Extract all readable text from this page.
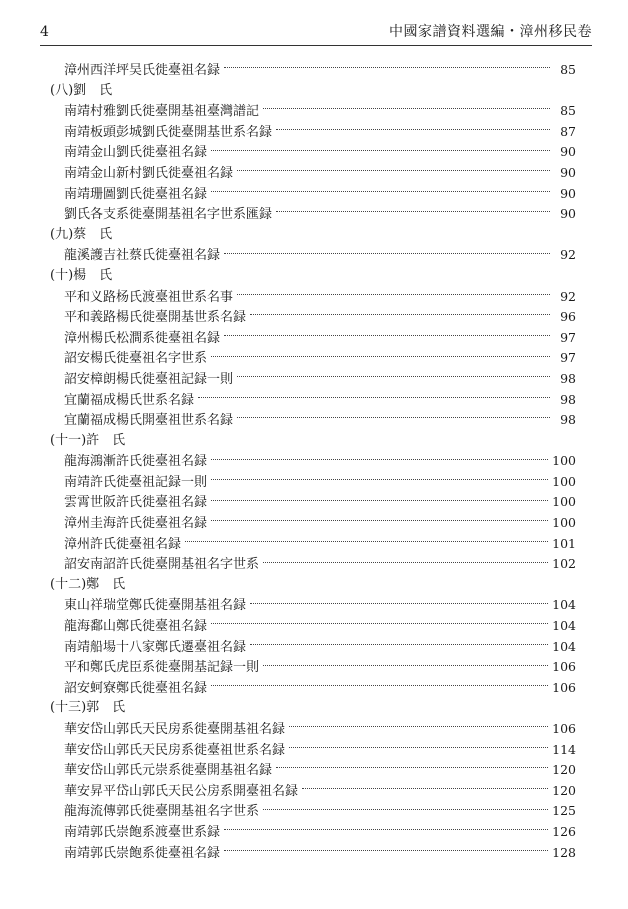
4	中國家譜資料選編・漳州移民卷
漳州西洋坪吴氏徙臺祖名録	85
(八)劉　氏
南靖村雅劉氏徙臺開基祖臺灣譜記	85
南靖板頭彭城劉氏徙臺開基世系名録	87
南靖金山劉氏徙臺祖名録	90
南靖金山新村劉氏徙臺祖名録	90
南靖珊圖劉氏徙臺祖名録	90
劉氏各支系徙臺開基祖名字世系匯録	90
(九)蔡　氏
龍溪護吉社蔡氏徙臺祖名録	92
(十)楊　氏
平和义路杨氏渡臺祖世系名事	92
平和義路楊氏徙臺開基世系名録	96
漳州楊氏松澗系徙臺祖名録	97
詔安楊氏徙臺祖名字世系	97
詔安樟朗楊氏徙臺祖記録一則	98
宜蘭福成楊氏世系名録	98
宜蘭福成楊氏開臺祖世系名録	98
(十一)許　氏
龍海鴻漸許氏徙臺祖名録	100
南靖許氏徙臺祖記録一則	100
雲霄世阪許氏徙臺祖名録	100
漳州圭海許氏徙臺祖名録	100
漳州許氏徙臺祖名録	101
詔安南詔許氏徙臺開基祖名字世系	102
(十二)鄭　氏
東山祥瑞堂鄭氏徙臺開基祖名録	104
龍海鄱山鄭氏徙臺祖名録	104
南靖船場十八家鄭氏遷臺祖名録	104
平和鄭氏虎臣系徙臺開基記録一則	106
詔安蚵寮鄭氏徙臺祖名録	106
(十三)郭　氏
華安岱山郭氏天民房系徙臺開基祖名録	106
華安岱山郭氏天民房系徙臺祖世系名録	114
華安岱山郭氏元崇系徙臺開基祖名録	120
華安昇平岱山郭氏天民公房系開臺祖名録	120
龍海流傳郭氏徙臺開基祖名字世系	125
南靖郭氏崇飽系渡臺世系録	126
南靖郭氏崇飽系徙臺祖名録	128
